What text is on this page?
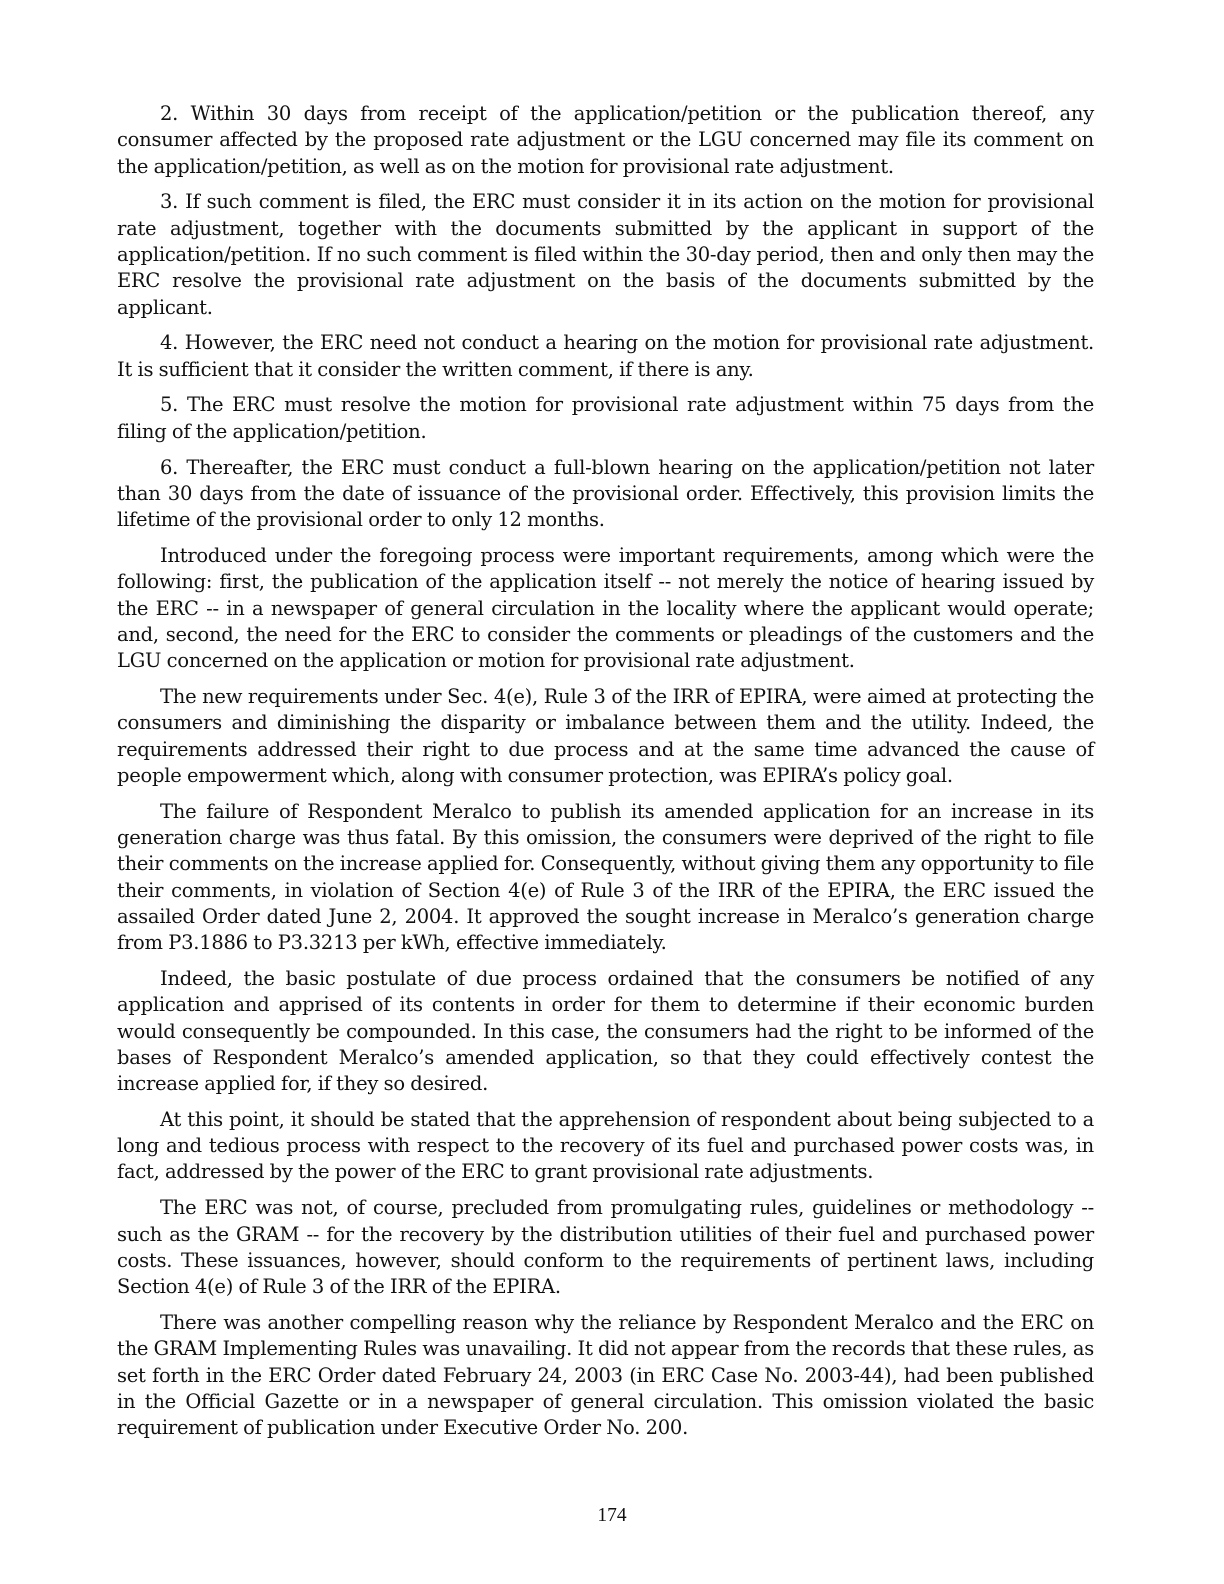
2. Within 30 days from receipt of the application/petition or the publication thereof, any consumer affected by the proposed rate adjustment or the LGU concerned may file its comment on the application/petition, as well as on the motion for provisional rate adjustment.

3. If such comment is filed, the ERC must consider it in its action on the motion for provisional rate adjustment, together with the documents submitted by the applicant in support of the application/petition. If no such comment is filed within the 30-day period, then and only then may the ERC resolve the provisional rate adjustment on the basis of the documents submitted by the applicant.

4. However, the ERC need not conduct a hearing on the motion for provisional rate adjustment. It is sufficient that it consider the written comment, if there is any.

5. The ERC must resolve the motion for provisional rate adjustment within 75 days from the filing of the application/petition.

6. Thereafter, the ERC must conduct a full-blown hearing on the application/petition not later than 30 days from the date of issuance of the provisional order. Effectively, this provision limits the lifetime of the provisional order to only 12 months.

Introduced under the foregoing process were important requirements, among which were the following: first, the publication of the application itself -- not merely the notice of hearing issued by the ERC -- in a newspaper of general circulation in the locality where the applicant would operate; and, second, the need for the ERC to consider the comments or pleadings of the customers and the LGU concerned on the application or motion for provisional rate adjustment.

The new requirements under Sec. 4(e), Rule 3 of the IRR of EPIRA, were aimed at protecting the consumers and diminishing the disparity or imbalance between them and the utility. Indeed, the requirements addressed their right to due process and at the same time advanced the cause of people empowerment which, along with consumer protection, was EPIRA’s policy goal.

The failure of Respondent Meralco to publish its amended application for an increase in its generation charge was thus fatal. By this omission, the consumers were deprived of the right to file their comments on the increase applied for. Consequently, without giving them any opportunity to file their comments, in violation of Section 4(e) of Rule 3 of the IRR of the EPIRA, the ERC issued the assailed Order dated June 2, 2004. It approved the sought increase in Meralco’s generation charge from P3.1886 to P3.3213 per kWh, effective immediately.

Indeed, the basic postulate of due process ordained that the consumers be notified of any application and apprised of its contents in order for them to determine if their economic burden would consequently be compounded. In this case, the consumers had the right to be informed of the bases of Respondent Meralco’s amended application, so that they could effectively contest the increase applied for, if they so desired.

At this point, it should be stated that the apprehension of respondent about being subjected to a long and tedious process with respect to the recovery of its fuel and purchased power costs was, in fact, addressed by the power of the ERC to grant provisional rate adjustments.

The ERC was not, of course, precluded from promulgating rules, guidelines or methodology -- such as the GRAM -- for the recovery by the distribution utilities of their fuel and purchased power costs. These issuances, however, should conform to the requirements of pertinent laws, including Section 4(e) of Rule 3 of the IRR of the EPIRA.

There was another compelling reason why the reliance by Respondent Meralco and the ERC on the GRAM Implementing Rules was unavailing. It did not appear from the records that these rules, as set forth in the ERC Order dated February 24, 2003 (in ERC Case No. 2003-44), had been published in the Official Gazette or in a newspaper of general circulation. This omission violated the basic requirement of publication under Executive Order No. 200.

174
